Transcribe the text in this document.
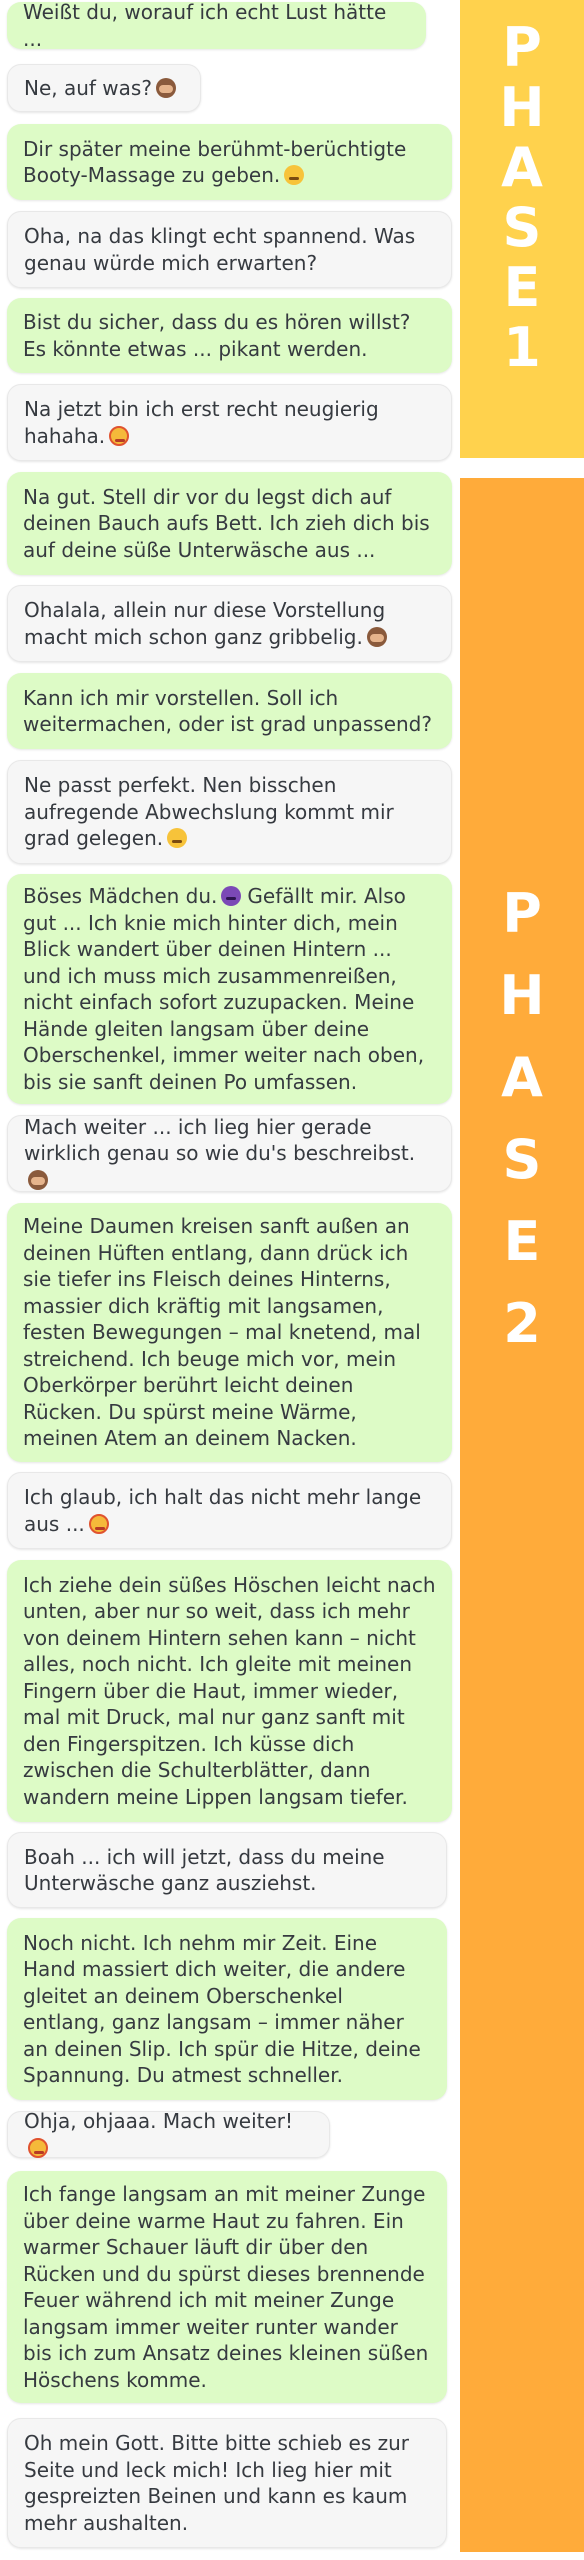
Weißt du, worauf ich echt Lust hätte ...
Ne, auf was?
Dir später meine berühmt-berüchtigte Booty-Massage zu geben.
Oha, na das klingt echt spannend. Was genau würde mich erwarten?
Bist du sicher, dass du es hören willst? Es könnte etwas ... pikant werden.
Na jetzt bin ich erst recht neugierig hahaha.
Na gut. Stell dir vor du legst dich auf deinen Bauch aufs Bett. Ich zieh dich bis auf deine süße Unterwäsche aus ...
Ohalala, allein nur diese Vorstellung macht mich schon ganz gribbelig.
Kann ich mir vorstellen. Soll ich weitermachen, oder ist grad unpassend?
Ne passt perfekt. Nen bisschen aufregende Abwechslung kommt mir grad gelegen.
Böses Mädchen du. Gefällt mir. Also gut ... Ich knie mich hinter dich, mein Blick wandert über deinen Hintern ... und ich muss mich zusammenreißen, nicht einfach sofort zuzupacken. Meine Hände gleiten langsam über deine Oberschenkel, immer weiter nach oben, bis sie sanft deinen Po umfassen.
Mach weiter ... ich lieg hier gerade wirklich genau so wie du's beschreibst.
Meine Daumen kreisen sanft außen an deinen Hüften entlang, dann drück ich sie tiefer ins Fleisch deines Hinterns, massier dich kräftig mit langsamen, festen Bewegungen – mal knetend, mal streichend. Ich beuge mich vor, mein Oberkörper berührt leicht deinen Rücken. Du spürst meine Wärme, meinen Atem an deinem Nacken.
Ich glaub, ich halt das nicht mehr lange aus ...
Ich ziehe dein süßes Höschen leicht nach unten, aber nur so weit, dass ich mehr von deinem Hintern sehen kann – nicht alles, noch nicht. Ich gleite mit meinen Fingern über die Haut, immer wieder, mal mit Druck, mal nur ganz sanft mit den Fingerspitzen. Ich küsse dich zwischen die Schulterblätter, dann wandern meine Lippen langsam tiefer.
Boah ... ich will jetzt, dass du meine Unterwäsche ganz ausziehst.
Noch nicht. Ich nehm mir Zeit. Eine Hand massiert dich weiter, die andere gleitet an deinem Oberschenkel entlang, ganz langsam – immer näher an deinen Slip. Ich spür die Hitze, deine Spannung. Du atmest schneller.
Ohja, ohjaaa. Mach weiter!
Ich fange langsam an mit meiner Zunge über deine warme Haut zu fahren. Ein warmer Schauer läuft dir über den Rücken und du spürst dieses brennende Feuer während ich mit meiner Zunge langsam immer weiter runter wander bis ich zum Ansatz deines kleinen süßen Höschens komme.
Oh mein Gott. Bitte bitte schieb es zur Seite und leck mich! Ich lieg hier mit gespreizten Beinen und kann es kaum mehr aushalten.
P
H
A
S
E
1
P
H
A
S
E
2
